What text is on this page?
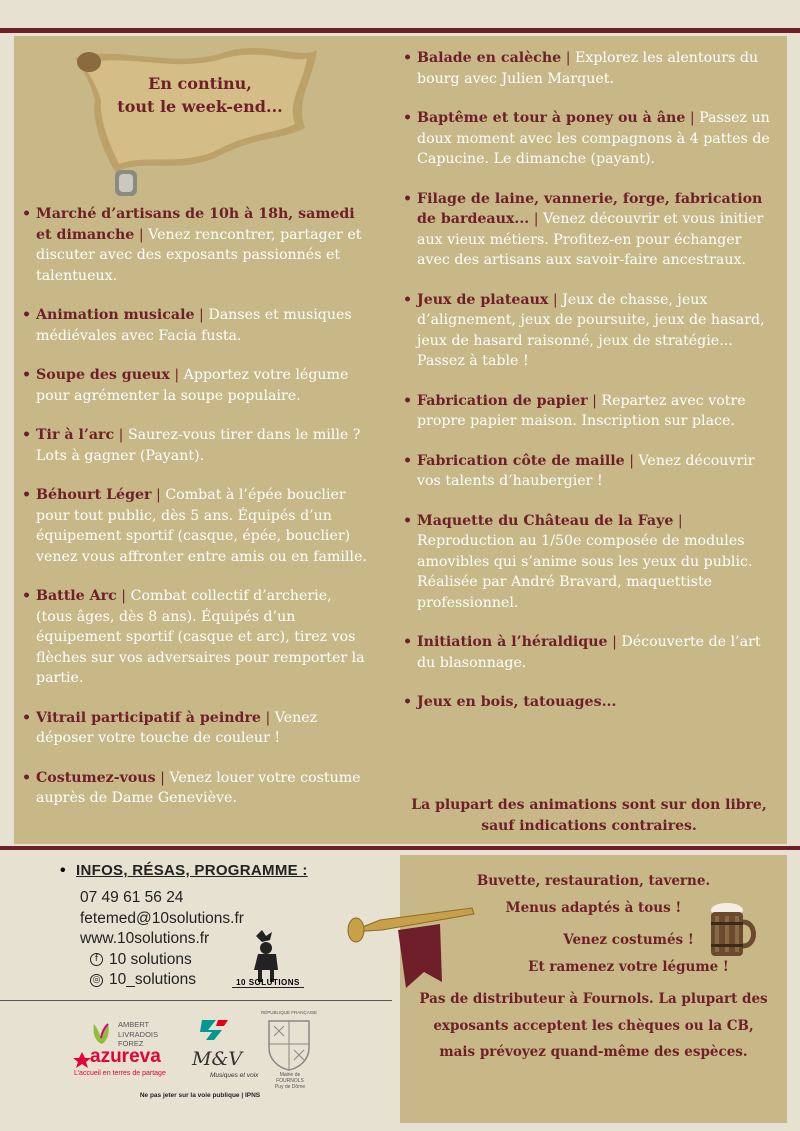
En continu,
tout le week-end...
• Marché d’artisans de 10h à 18h, samedi et dimanche | Venez rencontrer, partager et discuter avec des exposants passionnés et talentueux.
• Animation musicale | Danses et musiques médiévales avec Facia fusta.
• Soupe des gueux | Apportez votre légume pour agrémenter la soupe populaire.
• Tir à l’arc | Saurez-vous tirer dans le mille ? Lots à gagner (Payant).
• Béhourt Léger | Combat à l’épée bouclier pour tout public, dès 5 ans. Équipés d’un équipement sportif (casque, épée, bouclier) venez vous affronter entre amis ou en famille.
• Battle Arc | Combat collectif d’archerie, (tous âges, dès 8 ans). Équipés d’un équipement sportif (casque et arc), tirez vos flèches sur vos adversaires pour remporter la partie.
• Vitrail participatif à peindre | Venez déposer votre touche de couleur !
• Costumez-vous | Venez louer votre costume auprès de Dame Geneviève.
• Balade en calèche | Explorez les alentours du bourg avec Julien Marquet.
• Baptême et tour à poney ou à âne | Passez un doux moment avec les compagnons à 4 pattes de Capucine. Le dimanche (payant).
• Filage de laine, vannerie, forge, fabrication de bardeaux... | Venez découvrir et vous initier aux vieux métiers. Profitez-en pour échanger avec des artisans aux savoir-faire ancestraux.
• Jeux de plateaux | Jeux de chasse, jeux d’alignement, jeux de poursuite, jeux de hasard, jeux de hasard raisonné, jeux de stratégie... Passez à table !
• Fabrication de papier | Repartez avec votre propre papier maison. Inscription sur place.
• Fabrication côte de maille | Venez découvrir vos talents d’haubergier !
• Maquette du Château de la Faye | Reproduction au 1/50e composée de modules amovibles qui s’anime sous les yeux du public. Réalisée par André Bravard, maquettiste professionnel.
• Initiation à l’héraldique | Découverte de l’art du blasonnage.
• Jeux en bois, tatouages...
La plupart des animations sont sur don libre, sauf indications contraires.
• INFOS, RÉSAS, PROGRAMME :
07 49 61 56 24
fetemed@10solutions.fr
www.10solutions.fr
f 10 solutions
◎ 10_solutions	10 SOLUTIONS
AMBERT
LIVRADOIS
FOREZ
azureva
L’accueil en terres de partage
M&V
Musiques et voix
RÉPUBLIQUE FRANÇAISE
Mairie de
FOURNOLS
Puy de Dôme
Ne pas jeter sur la voie publique | IPNS
Buvette, restauration, taverne.
Menus adaptés à tous !
Venez costumés !
Et ramenez votre légume !
Pas de distributeur à Fournols. La plupart des exposants acceptent les chèques ou la CB, mais prévoyez quand-même des espèces.
